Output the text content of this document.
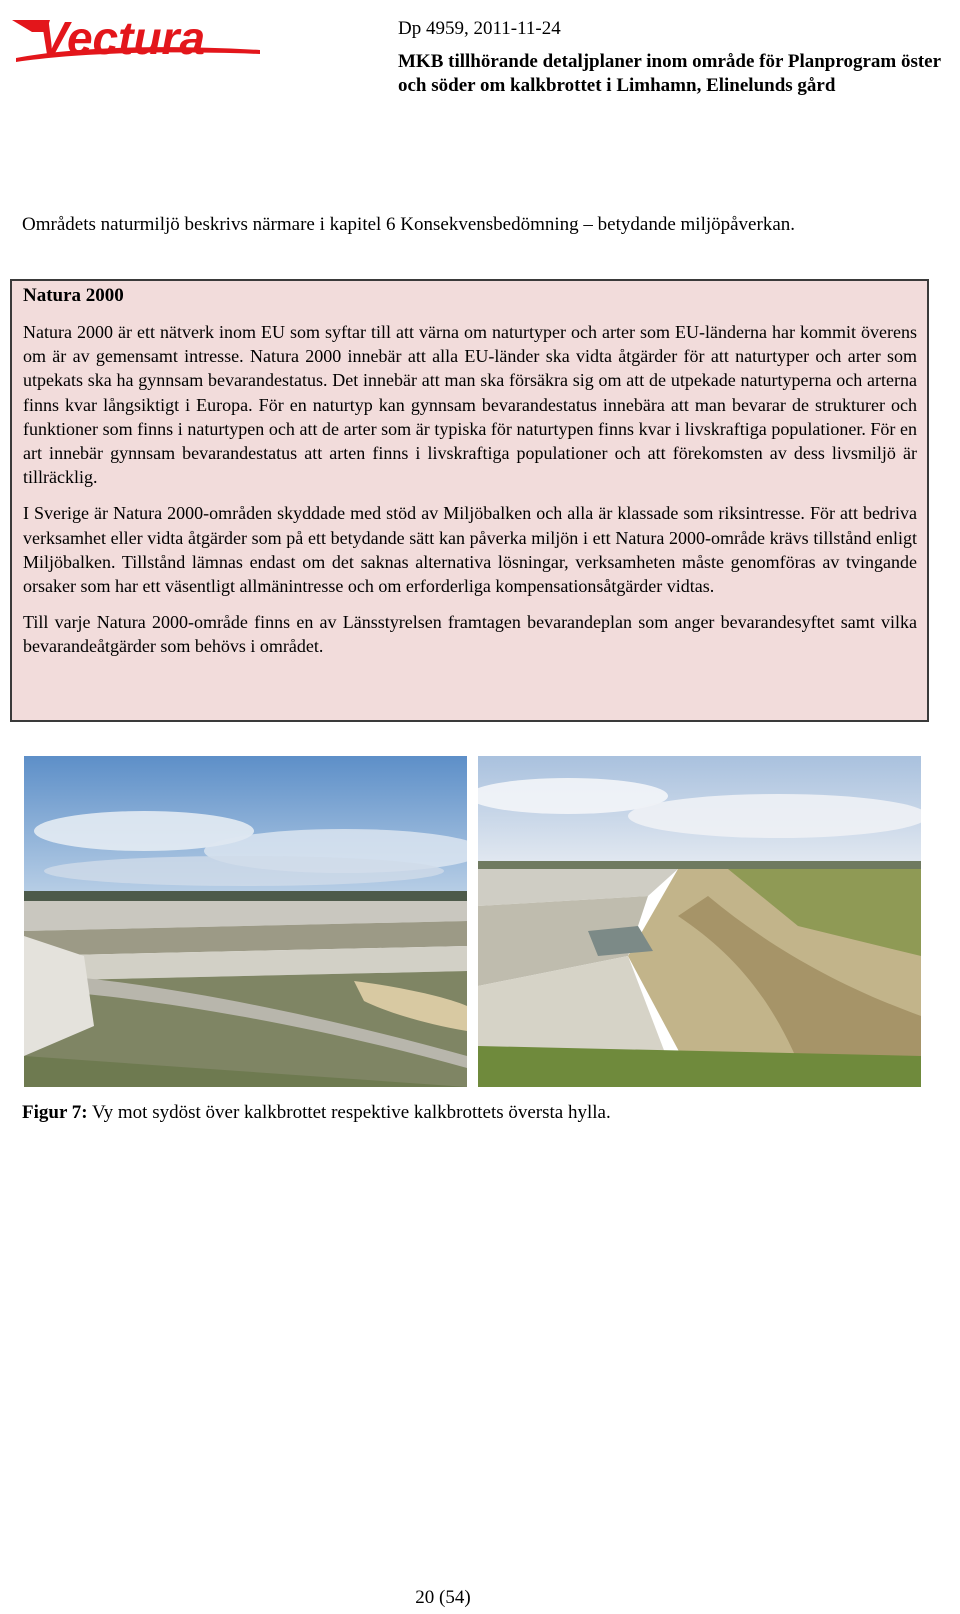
Vectura	Dp 4959, 2011-11-24

MKB tillhörande detaljplaner inom område för Planprogram öster och söder om kalkbrottet i Limhamn, Elinelunds gård

Områdets naturmiljö beskrivs närmare i kapitel 6 Konsekvensbedömning – betydande miljöpåverkan.

Natura 2000

Natura 2000 är ett nätverk inom EU som syftar till att värna om naturtyper och arter som EU-länderna har kommit överens om är av gemensamt intresse. Natura 2000 innebär att alla EU-länder ska vidta åtgärder för att naturtyper och arter som utpekats ska ha gynnsam bevarandestatus. Det innebär att man ska försäkra sig om att de utpekade naturtyperna och arterna finns kvar långsiktigt i Europa. För en naturtyp kan gynnsam bevarandestatus innebära att man bevarar de strukturer och funktioner som finns i naturtypen och att de arter som är typiska för naturtypen finns kvar i livskraftiga populationer. För en art innebär gynnsam bevarandestatus att arten finns i livskraftiga populationer och att förekomsten av dess livsmiljö är tillräcklig.

I Sverige är Natura 2000-områden skyddade med stöd av Miljöbalken och alla är klassade som riksintresse. För att bedriva verksamhet eller vidta åtgärder som på ett betydande sätt kan påverka miljön i ett Natura 2000-område krävs tillstånd enligt Miljöbalken. Tillstånd lämnas endast om det saknas alternativa lösningar, verksamheten måste genomföras av tvingande orsaker som har ett väsentligt allmänintresse och om erforderliga kompensationsåtgärder vidtas.

Till varje Natura 2000-område finns en av Länsstyrelsen framtagen bevarandeplan som anger bevarandesyftet samt vilka bevarandeåtgärder som behövs i området.

Figur 7: Vy mot sydöst över kalkbrottet respektive kalkbrottets översta hylla.

20 (54)
